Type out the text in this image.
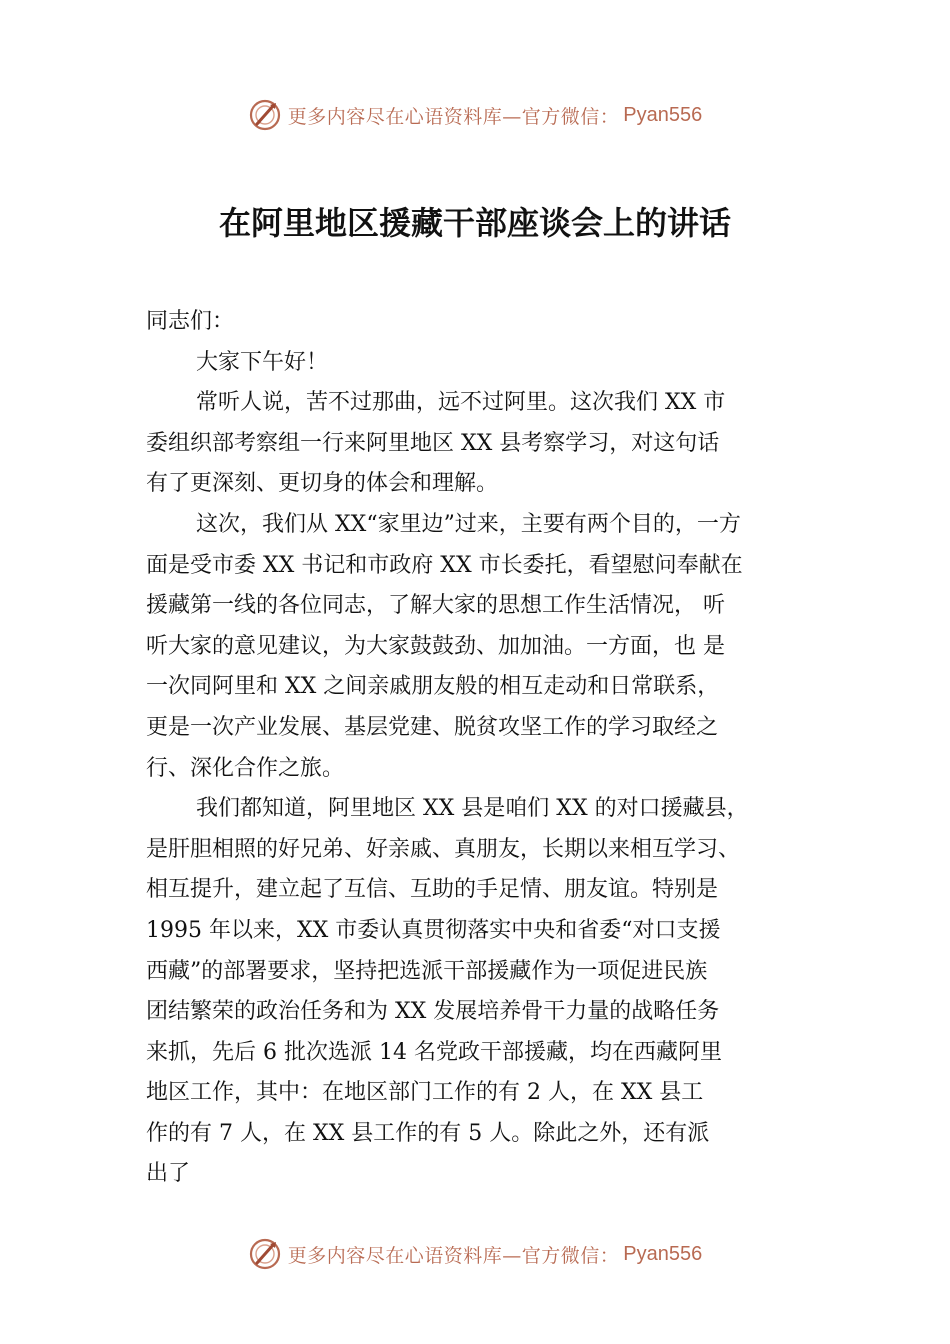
更多内容尽在心语资料库—官方微信： Pyan556
在阿里地区援藏干部座谈会上的讲话
同志们：
大家下午好！
常听人说，苦不过那曲，远不过阿里。这次我们 XX 市
委组织部考察组一行来阿里地区 XX 县考察学习，对这句话
有了更深刻、更切身的体会和理解。
这次，我们从 XX“家里边”过来，主要有两个目的，一方
面是受市委 XX 书记和市政府 XX 市长委托，看望慰问奉献在
援藏第一线的各位同志，了解大家的思想工作生活情况， 听
听大家的意见建议，为大家鼓鼓劲、加加油。一方面，也 是
一次同阿里和 XX 之间亲戚朋友般的相互走动和日常联系，
更是一次产业发展、基层党建、脱贫攻坚工作的学习取经之
行、深化合作之旅。
我们都知道，阿里地区 XX 县是咱们 XX 的对口援藏县，
是肝胆相照的好兄弟、好亲戚、真朋友，长期以来相互学习、
相互提升，建立起了互信、互助的手足情、朋友谊。特别是
1995 年以来，XX 市委认真贯彻落实中央和省委“对口支援
西藏”的部署要求，坚持把选派干部援藏作为一项促进民族
团结繁荣的政治任务和为 XX 发展培养骨干力量的战略任务
来抓，先后 6 批次选派 14 名党政干部援藏，均在西藏阿里
地区工作，其中：在地区部门工作的有 2 人，在 XX 县工
作的有 7 人，在 XX 县工作的有 5 人。除此之外，还有派
出了
更多内容尽在心语资料库—官方微信： Pyan556
